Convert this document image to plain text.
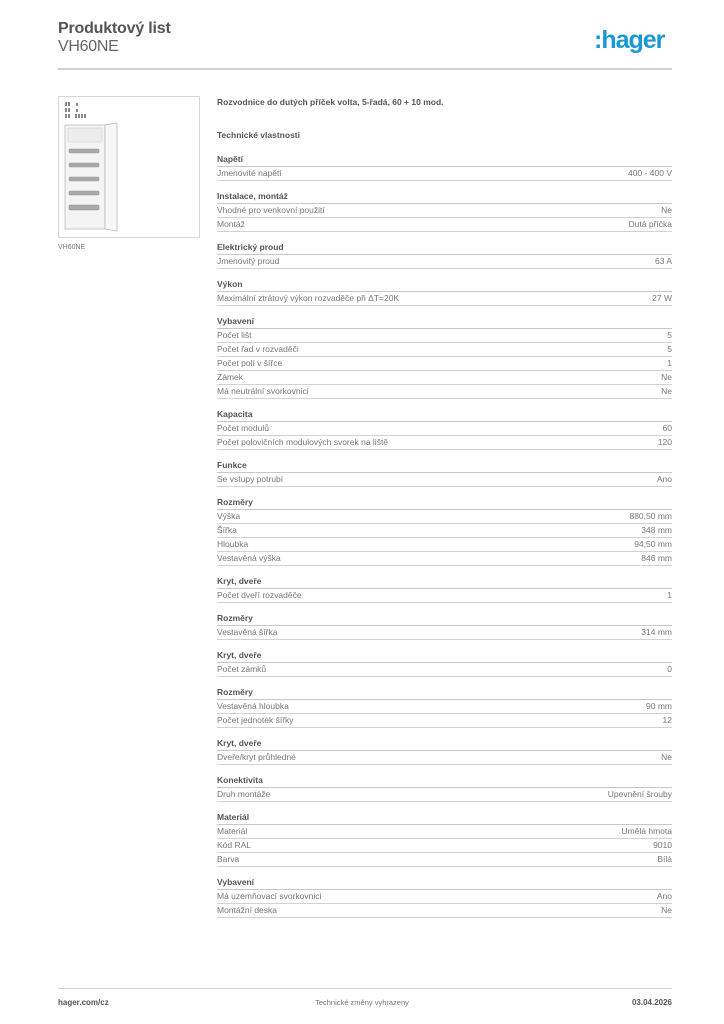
Produktový list
VH60NE	:hager
VH60NE
Rozvodnice do dutých příček volta, 5-řadá, 60 + 10 mod.
Technické vlastnosti
Napětí
Jmenovité napětí	400 - 400 V
Instalace, montáž
Vhodné pro venkovní použití	Ne
Montáž	Dutá příčka
Elektrický proud
Jmenovitý proud	63 A
Výkon
Maximální ztrátový výkon rozvaděče při ΔT=20K	27 W
Vybavení
Počet lišt	5
Počet řad v rozvaděči	5
Počet polí v šířce	1
Zámek	Ne
Má neutrální svorkovnici	Ne
Kapacita
Počet modulů	60
Počet polovičních modulových svorek na liště	120
Funkce
Se vstupy potrubí	Ano
Rozměry
Výška	880,50 mm
Šířka	348 mm
Hloubka	94,50 mm
Vestavěná výška	846 mm
Kryt, dveře
Počet dveří rozvaděče	1
Rozměry
Vestavěná šířka	314 mm
Kryt, dveře
Počet zámků	0
Rozměry
Vestavěná hloubka	90 mm
Počet jednotek šířky	12
Kryt, dveře
Dveře/kryt průhledné	Ne
Konektivita
Druh montáže	Upevnění šrouby
Materiál
Materiál	Umělá hmota
Kód RAL	9010
Barva	Bílá
Vybavení
Má uzemňovací svorkovnici	Ano
Montážní deska	Ne
hager.com/cz	Technické změny vyhrazeny	03.04.2026
